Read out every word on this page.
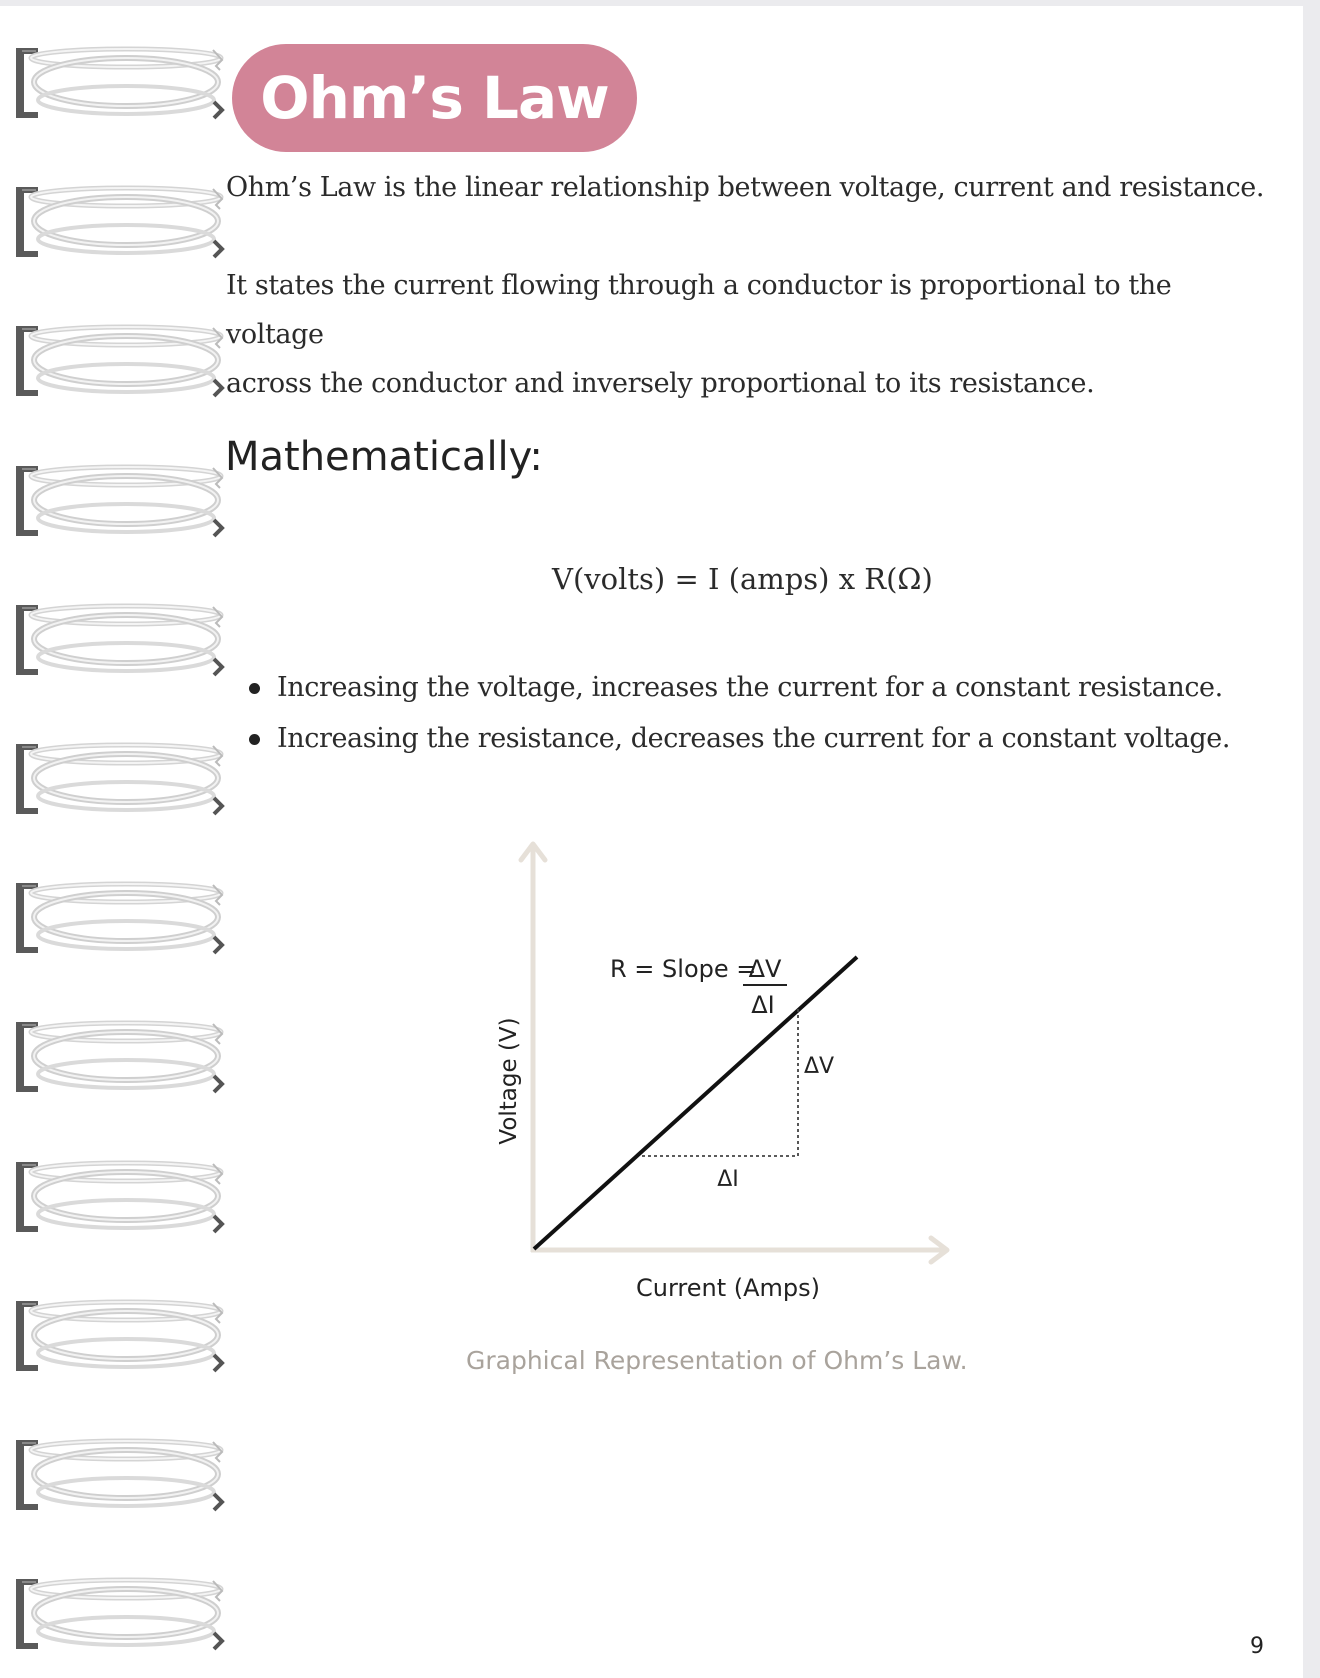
Ohm’s Law
Ohm’s Law is the linear relationship between voltage, current and resistance.
It states the current flowing through a conductor is proportional to the voltage
across the conductor and inversely proportional to its resistance.
Mathematically:
V(volts) = I (amps) x R(Ω)
Increasing the voltage, increases the current for a constant resistance.
Increasing the resistance, decreases the current for a constant voltage.
R = Slope =
ΔV
ΔI
ΔV
ΔI
Voltage (V)
Current (Amps)
Graphical Representation of Ohm’s Law.
9
